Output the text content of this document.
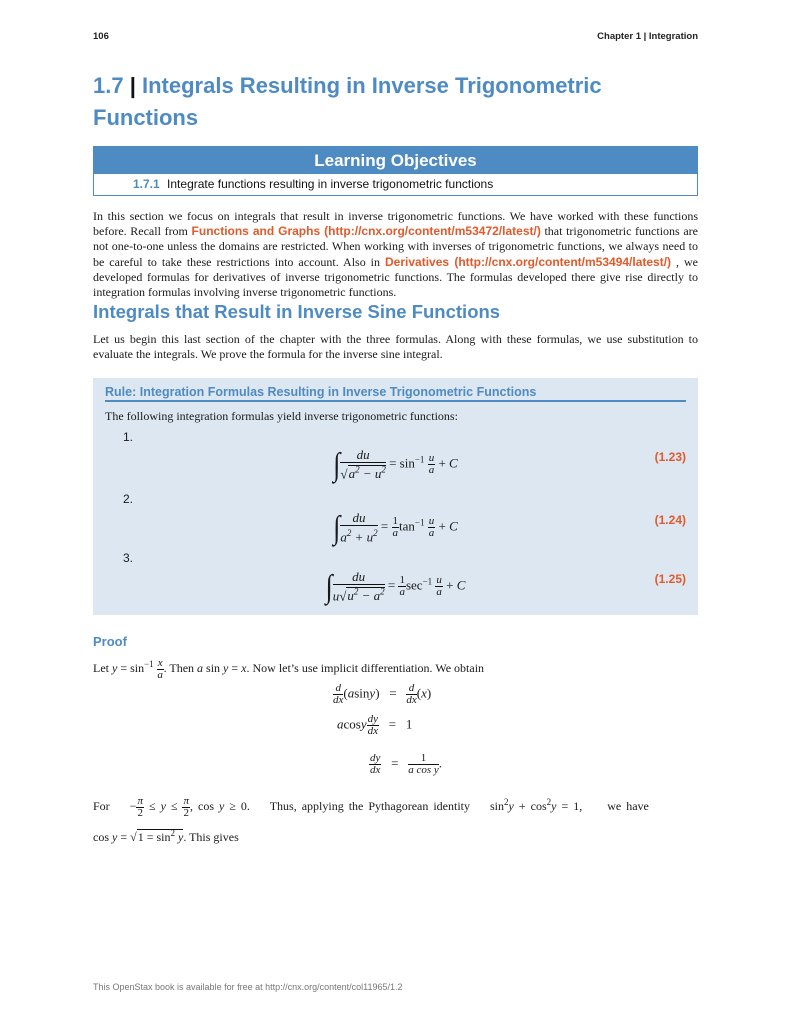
106	Chapter 1 | Integration
1.7 | Integrals Resulting in Inverse Trigonometric Functions
Learning Objectives
1.7.1 Integrate functions resulting in inverse trigonometric functions

In this section we focus on integrals that result in inverse trigonometric functions. We have worked with these functions before. Recall from Functions and Graphs (http://cnx.org/content/m53472/latest/) that trigonometric functions are not one-to-one unless the domains are restricted. When working with inverses of trigonometric functions, we always need to be careful to take these restrictions into account. Also in Derivatives (http://cnx.org/content/m53494/latest/) , we developed formulas for derivatives of inverse trigonometric functions. The formulas developed there give rise directly to integration formulas involving inverse trigonometric functions.

Integrals that Result in Inverse Sine Functions

Let us begin this last section of the chapter with the three formulas. Along with these formulas, we use substitution to evaluate the integrals. We prove the formula for the inverse sine integral.

Rule: Integration Formulas Resulting in Inverse Trigonometric Functions
The following integration formulas yield inverse trigonometric functions:
1.
∫ $\frac{du}{√a^2 - u^2} = \sin^{-1} \frac{u}{a} + C$	(1.23)
2.
∫ $\frac{du}{a^2 + u^2} = \frac{1}{a} \tan^{-1} \frac{u}{a} + C$	(1.24)
3.
∫ $\frac{du}{u√u^2 - a^2} = \frac{1}{a} \sec^{-1} \frac{u}{a} + C$	(1.25)
Proof

Let $y = \sin^{-1} \frac{x}{a}$ . Then a sin y = x. Now let’s use implicit differentiation. We obtain

$\frac{d}{dx} (asiny) = \frac{d}{dx} (x)$
acosy $\frac{dy}{dx} = 1$
$\frac{dy}{dx} = \frac{1}{\text{a cos y}}$ .

For    − $\frac{\pi}{2} \le y \le \frac{\pi}{2}$ , cos y ≥ 0.    Thus, applying the Pythagorean identity    $\sin^2y + \cos^2y = 1$,     we have

$\cos y = √1 = \sin^2 y$. This gives

This OpenStax book is available for free at http://cnx.org/content/col11965/1.2
